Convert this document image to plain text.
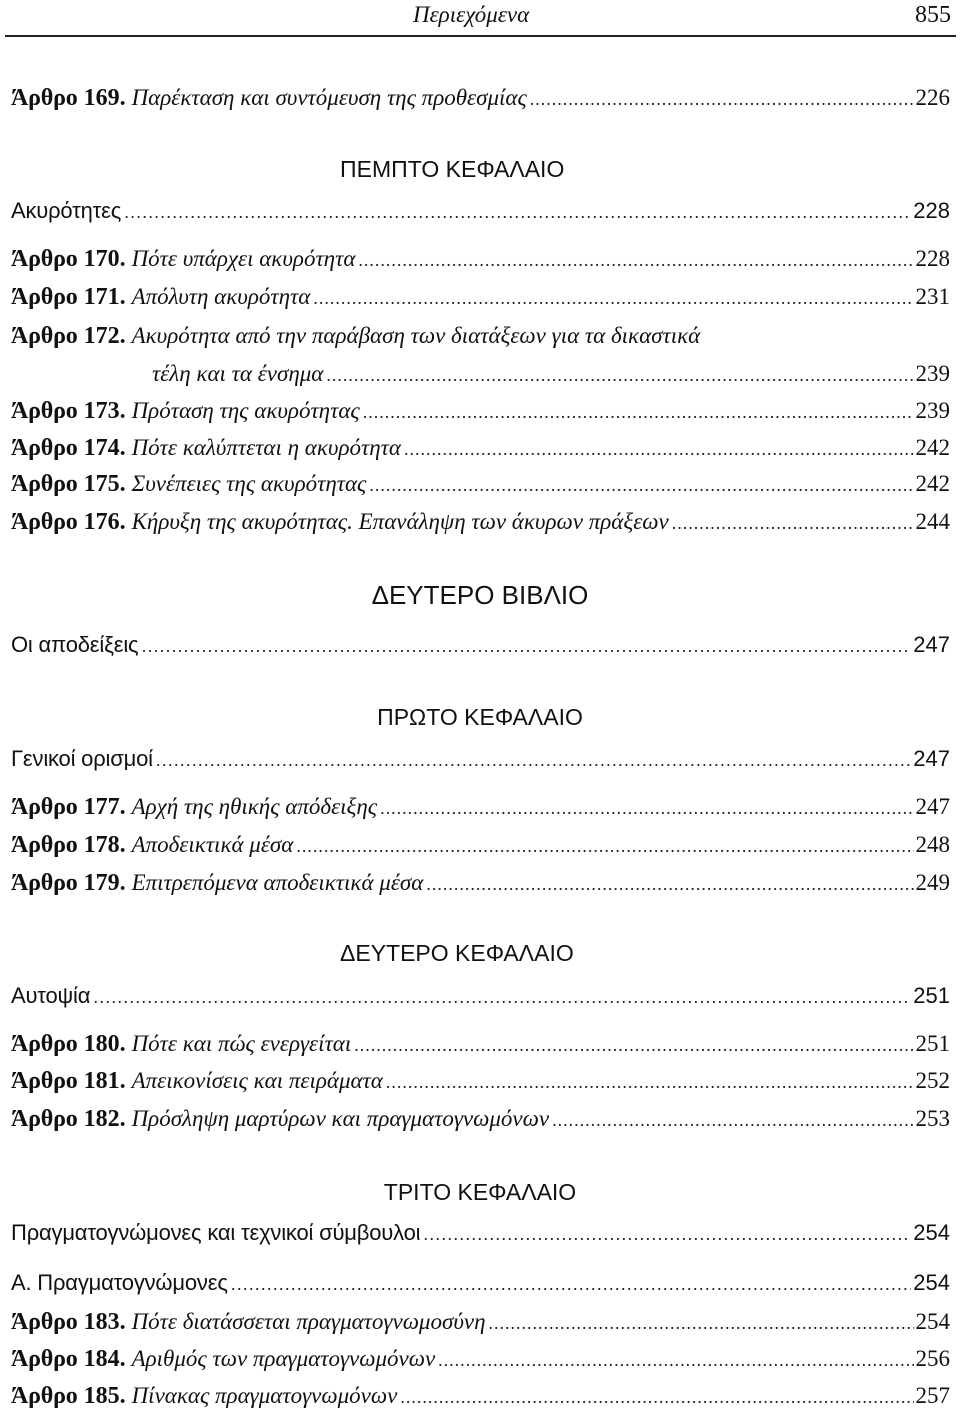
Περιεχόμενα	855
Άρθρο 169. Παρέκταση και συντόμευση της προθεσμίας .....	226
ΠΕΜΠΤΟ ΚΕΦΑΛΑΙΟ
Ακυρότητες .....	228
Άρθρο 170. Πότε υπάρχει ακυρότητα .....	228
Άρθρο 171. Απόλυτη ακυρότητα .....	231
Άρθρο 172. Ακυρότητα από την παράβαση των διατάξεων για τα δικαστικά
τέλη και τα ένσημα .....	239
Άρθρο 173. Πρόταση της ακυρότητας .....	239
Άρθρο 174. Πότε καλύπτεται η ακυρότητα .....	242
Άρθρο 175. Συνέπειες της ακυρότητας .....	242
Άρθρο 176. Κήρυξη της ακυρότητας. Επανάληψη των άκυρων πράξεων .....	244
ΔΕΥΤΕΡΟ ΒΙΒΛΙΟ
Οι αποδείξεις .....	247
ΠΡΩΤΟ ΚΕΦΑΛΑΙΟ
Γενικοί ορισμοί .....	247
Άρθρο 177. Αρχή της ηθικής απόδειξης .....	247
Άρθρο 178. Αποδεικτικά μέσα .....	248
Άρθρο 179. Επιτρεπόμενα αποδεικτικά μέσα .....	249
ΔΕΥΤΕΡΟ ΚΕΦΑΛΑΙΟ
Αυτοψία .....	251
Άρθρο 180. Πότε και πώς ενεργείται .....	251
Άρθρο 181. Απεικονίσεις και πειράματα .....	252
Άρθρο 182. Πρόσληψη μαρτύρων και πραγματογνωμόνων .....	253
ΤΡΙΤΟ ΚΕΦΑΛΑΙΟ
Πραγματογνώμονες και τεχνικοί σύμβουλοι .....	254
Α. Πραγματογνώμονες .....	254
Άρθρο 183. Πότε διατάσσεται πραγματογνωμοσύνη .....	254
Άρθρο 184. Αριθμός των πραγματογνωμόνων .....	256
Άρθρο 185. Πίνακας πραγματογνωμόνων .....	257
